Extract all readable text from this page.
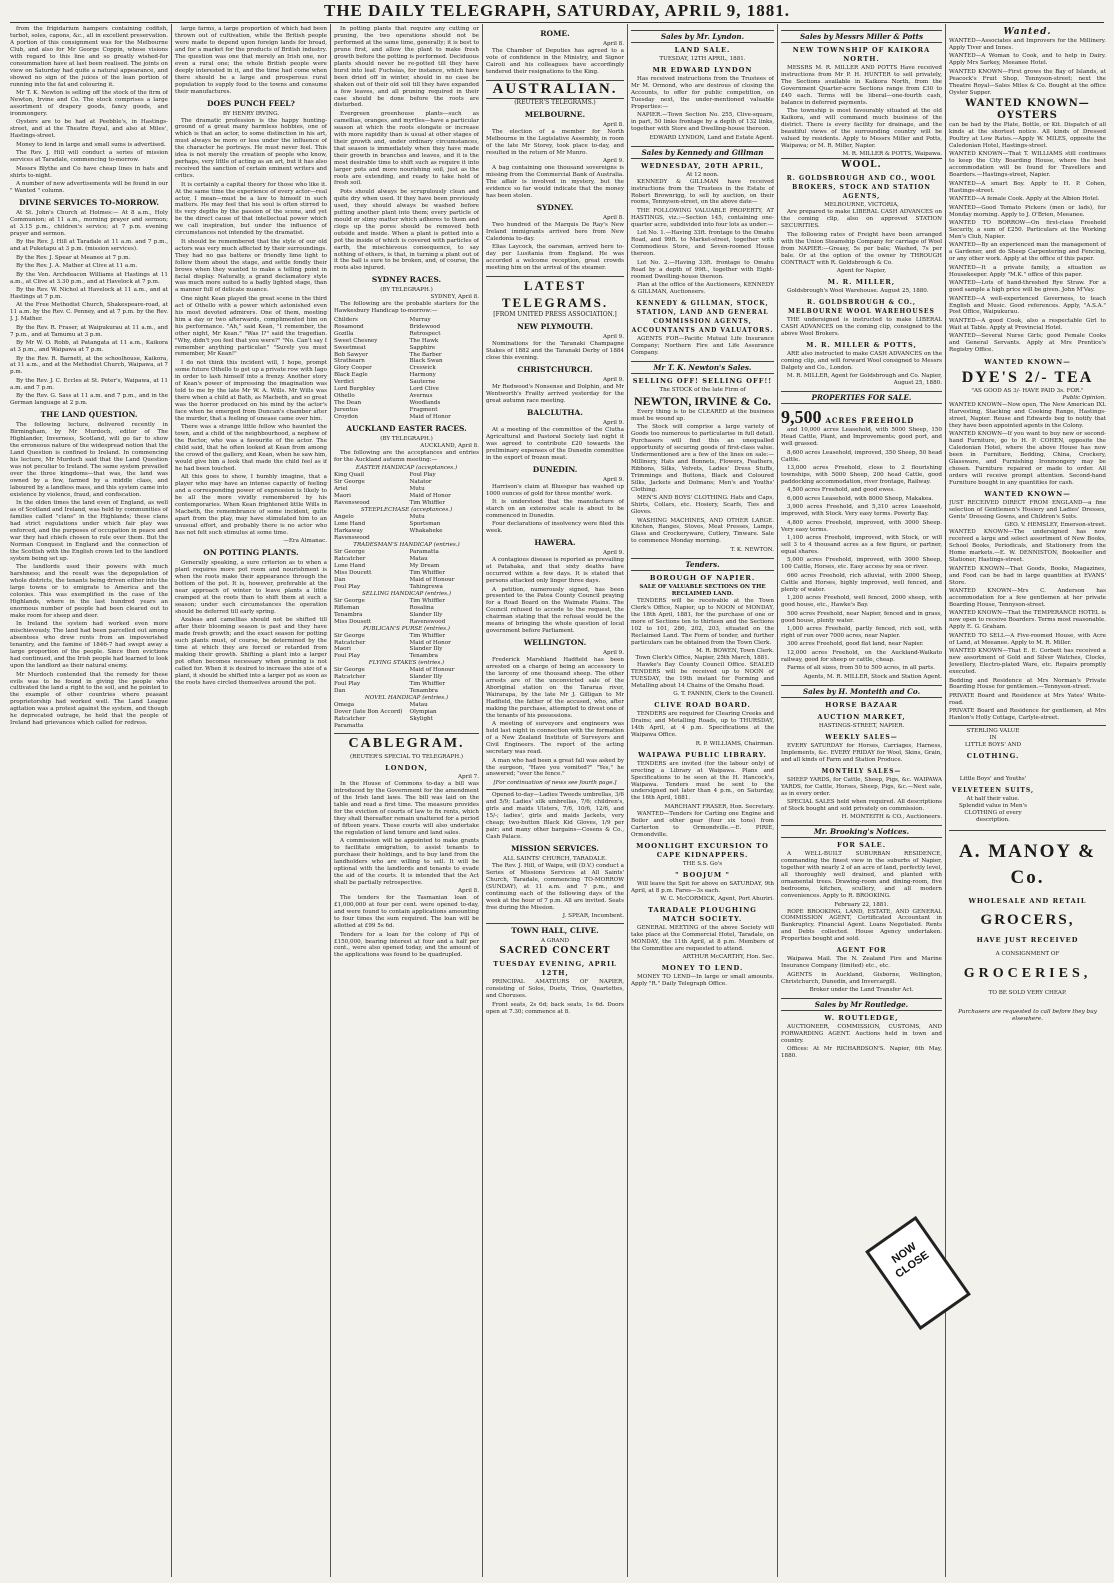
THE DAILY TELEGRAPH, SATURDAY, APRIL 9, 1881.

from the frigidarium hampers containing codfish, turbot, soles, capons, &c., all in excellent preservation. A portion of this consignment was for the Melbourne Club, and also for Mr George Coppin, whose visions with regard to this line and so greatly wished-for consummation have at last been realised. The joints on view on Saturday had quite a natural appearance, and showed no sign of the juices of the lean portion of running into the fat and colouring it.

Mr T. K. Newton is selling off the stock of the firm of Newton, Irvine and Co. The stock comprises a large assortment of drapery goods, fancy goods, and ironmongery.

Oysters are to be had at Peebble's, in Hastings-street, and at the Theatre Royal, and also at Miles', Hastings-street.

Money to lend in large and small sums is advertised.

The Rev. J. Hill will conduct a series of mission services at Taradale, commencing to-morrow.

Messrs Blythe and Co have cheap lines in hats and shirts to-night.

A number of new advertisements will be found in our " Wanted " column.

DIVINE SERVICES TO-MORROW.

At St. John's Church at Holmes:— At 8 a.m., Holy Communion; at 11 a.m., morning prayer and sermon; at 3.15 p.m., children's service; at 7 p.m. evening prayer and sermon.

By the Rev. J. Hill at Taradale at 11 a.m. and 7 p.m., and at Puketapu at 3 p.m. (mission services).

By the Rev. J. Spear at Meanee at 7 p.m.

By the Rev. J. A. Mather at Clive at 11 a.m.

By the Ven. Archdeacon Williams at Hastings at 11 a.m., at Clive at 3.30 p.m., and at Havelock at 7 p.m.

By the Rev. W. Nichol at Havelock at 11 a.m., and at Hastings at 7 p.m.

At the Free Methodist Church, Shakespeare-road, at 11 a.m. by the Rev. C. Penney, and at 7 p.m. by the Rev. J. J. Mather.

By the Rev. R. Fraser, at Waipukurau at 11 a.m., and 7 p.m., and at Tamumu at 3 p.m.

By Mr W. O. Robb, at Patangata at 11 a.m., Kaikora at 3 p.m., and Waipawa at 7 p.m.

By the Rev. R. Barnett, at the schoolhouse, Kaikora, at 11 a.m., and at the Methodist Church, Waipawa, at 7 p.m.

By the Rev. J. C. Eccles at St. Peter's, Waipawa, at 11 a.m. and 7 p.m.

By the Rev. G. Sass at 11 a.m. and 7 p.m., and in the German language at 2 p.m.

THE LAND QUESTION.

The following lecture, delivered recently in Birmingham, by Mr Murdoch, editor of The Highlander, Inverness, Scotland, will go far to show the erroneous nature of the widespread notion that the Land Question is confined to Ireland. In commencing his lecture, Mr Murdoch said that the Land Question was not peculiar to Ireland. The same system prevailed over the three kingdoms—that was, the land was owned by a few, farmed by a middle class, and laboured by a landless mass, and this system came into existence by violence, fraud, and confiscation.

In the olden times the land even of England, as well as of Scotland and Ireland, was held by communities of families called "clans" in the Highlands; these clans had strict regulations under which fair play was enforced, and the purposes of occupation in peace and war they had chiefs chosen to rule over them. But the Norman Conquest in England and the connection of the Scottish with the English crown led to the landlord system being set up.

The landlords used their powers with much harshness; and the result was the depopulation of whole districts, the tenants being driven either into the large towns or to emigrate to America and the colonies. This was exemplified in the case of the Highlands, where in the last hundred years an enormous number of people had been cleared out to make room for sheep and deer.

In Ireland the system had worked even more mischievously. The land had been parcelled out among absentees who drew rents from an impoverished tenantry, and the famine of 1846-7 had swept away a large proportion of the people. Since then evictions had continued, and the Irish people had learned to look upon the landlord as their natural enemy.

Mr Murdoch contended that the remedy for these evils was to be found in giving the people who cultivated the land a right to the soil, and he pointed to the example of other countries where peasant proprietorship had worked well. The Land League agitation was a protest against the system, and though he deprecated outrage, he held that the people of Ireland had grievances which called for redress.

large farms, a large proportion of which had been thrown out of cultivation, while the British people were made to depend upon foreign lands for bread, and for a market for the products of British industry. The question was one that merely an Irish one, nor even a rural one; the whole British people were deeply interested in it, and the time had come when there should be a large and prosperous rural population to supply food to the towns and consume their manufactures.

DOES PUNCH FEEL?
BY HENRY IRVING.

The dramatic profession is the happy hunting-ground of a great many harmless hobbies, one of which is that an actor, to some distinction in his art, must always be more or less under the influence of the character he portrays. He must never feel. This idea is not merely the creation of people who know, perhaps, very little of acting as an art, but it has also received the sanction of certain eminent writers and critics.

It is certainly a capital theory for those who like it. At the same time the experience of every actor—real actor, I mean—must be a law to himself in such matters. He may feel that his soul is often stirred to its very depths by the passion of the scene, and yet be the direct cause of that intellectual power which we call inspiration, but under the influence of circumstances not intended by the dramatist.

It should be remembered that the style of our old actors was very much affected by their surroundings. They had no gas battens or friendly lime light to follow them about the stage, and settle fondly their brows when they wanted to make a telling point in facial display. Naturally, a grand declamatory style was much more suited to a badly lighted stage, than a manner full of delicate nuance.

One night Kean played the great scene in the third act of Othello with a power which astonished even his most devoted admirers. One of them, meeting him a day or two afterwards, complimented him on his performance. "Ah," said Kean, "I remember, the other night, Mr Kean." "Was I?" said the tragedian. "Why, didn't you feel that you were?" "No. Can't say I remember anything particular." "Surely you must remember, Mr Kean!"

I do not think this incident will, I hope, prompt some future Othello to get up a private row with Iago in order to lash himself into a frenzy. Another story of Kean's power of impressing the imagination was told to me by the late Mr W. A. Wills. Mr Wills was there when a child at Bath, as Macbeth, and so great was the horror produced on his mind by the actor's face when he emerged from Duncan's chamber after the murder, that a feeling of unease came over him.

There was a strange little fellow who haunted the town, and a child of the neighbourhood, a nephew of the Rector, who was a favourite of the actor. The child said, that he often looked at Kean from among the crowd of the gallery, and Kean, when he saw him, would give him a look that made the child feel as if he had been touched.

All this goes to show, I humbly imagine, that a player who may have an intense capacity of feeling and a corresponding power of expression is likely to be all the more vividly remembered by his contemporaries. When Kean frightened little Wills in Macbeth, the remembrance of some incident, quite apart from the play, may have stimulated him to an unusual effort, and probably there is no actor who has not felt such stimulus at some time.

—Era Almanac.
ON POTTING PLANTS.

Generally speaking, a sure criterion as to when a plant requires more pot room and nourishment is when the roots make their appearance through the bottom of the pot. It is, however, preferable at the near approach of winter to leave plants a little cramped at the roots than to shift them at such a season; under such circumstances the operation should be deferred till early spring.

Azaleas and camellias should not be shifted till after their blooming season is past and they have made fresh growth; and the exact season for potting such plants must, of course, be determined by the time at which they are forced or retarded from making their growth. Shifting a plant into a larger pot often becomes necessary when pruning is not called for. When it is desired to increase the size of a plant, it should be shifted into a larger pot as soon as the roots have circled themselves around the pot.

In potting plants that require any cutting or pruning, the two operations should not be performed at the same time, generally; it is best to prune first, and allow the plant to make fresh growth before the potting is performed. Deciduous plants should never be re-potted till they have burst into leaf. Fuchsias, for instance, which have been dried off in winter, should in no case be shaken out of their old soil till they have expanded a few leaves, and all pruning required in their case should be done before the roots are disturbed.

Evergreen greenhouse plants—such as camellias, oranges, and myrtles—have a particular season at which the roots elongate or increase with more rapidity than is usual at other stages of their growth and, under ordinary circumstances, that season is immediately when they have made their growth in branches and leaves, and it is the most desirable time to shift such as require it into larger pots and more nourishing soil, just as the roots are extending, and ready to take hold of fresh soil.

Pots should always be scrupulously clean and quite dry when used. If they have been previously used, they should always be washed before putting another plant into them; every particle of mould or slimy matter which adheres to them and clogs up the pores should be removed both outside and inside. When a plant is potted into a pot the inside of which is covered with particles of earth, the mischievous consequence, to say nothing of others, is that, in turning a plant out of it the ball is sure to be broken, and, of course, the roots also injured.

SYDNEY RACES.
(BY TELEGRAPH.)
SYDNEY, April 8.

The following are the probable starters for the Hawkesbury Handicap to-morrow:—

Childers
Rosamond
Gozilla
Sweet Chesney
Sweetmeat
Bob Sawyer
Strathearn
Glory Cooper
Black Eagle
Verdict
Lord Burghley
Othello
The Dean
Jurentus
Croydon
Murray
Bridewood
Retrospect
The Hawk
Sapphire
The Barber
Black Swan
Creswick
Harmony
Sauterne
Lord Clive
Avernus
Woodlands
Fragment
Maid of Honor
AUCKLAND EASTER RACES.
(BY TELEGRAPH.)
AUCKLAND, April 8.

The following are the acceptances and entries for the Auckland autumn meeting:—

EASTER HANDICAP (acceptances.)
King Quail
Sir George
Ariel
Maori
Ravenswood
Foul Play
Natator
Mutu
Maid of Honor
Tim Whiffler
STEEPLECHASE (acceptances.)
Angelo
Lone Hand
Harkaway
Ravenswood
Mutu
Sportsman
Whakaheke
TRADESMAN'S HANDICAP (entries.)
Sir George
Ratcatcher
Lone Hand
Miss Doucett
Dan
Foul Play
Paramatta
Matau
My Dream
Tim Whiffler
Maid of Honour
Tahingrewa
SELLING HANDICAP (entries.)
Sir George
Rifleman
Tenambra
Miss Dousett
Tim Whiffler
Rosalina
Slander Illy
Ravenswood
PUBLICAN'S PURSE (entries.)
Sir George
Ratcatcher
Maori
Foul Play
Tim Whiffler
Maid of Honor
Slander Illy
Tenambra
FLYING STAKES (entries.)
Sir George
Ratcatcher
Foul Play
Dan
Maid of Honour
Slander Illy
Tim Whiffler
Tenambra
NOVEL HANDICAP (entries.)
Omega
Dover (late Bon Accord)
Ratcatcher
Paramatta
Matau
Olympian
Skylight
CABLEGRAM.
(REUTER'S SPECIAL TO TELEGRAPH.)
LONDON,
April 7.

In the House of Commons to-day a bill was introduced by the Government for the amendment of the Irish land laws. The bill was laid on the table and read a first time. The measure provides for the eviction of courts of law to fix rents, which they shall thereafter remain unaltered for a period of fifteen years. These courts will also undertake the regulation of land tenure and land sales.

A commission will be appointed to make grants to facilitate emigration, to assist tenants to purchase their holdings, and to buy land from the landholders who are willing to sell. It will be optional with the landlords and tenants to evade the aid of the courts. It is intended that the Act shall be partially retrospective.

April 8.

The tenders for the Tasmanian loan of £1,000,000 at four per cent. were opened to-day, and were found to contain applications amounting to four times the sum required. The loan will be allotted at £99 5s 6d.

Tenders for a loan for the colony of Fiji of £150,000, bearing interest at four and a half per cent., were also opened today, and the amount of the applications was found to be quadrupled.

ROME.
April 8.

The Chamber of Deputies has agreed to a vote of confidence in the Ministry, and Signor Cairoli and his colleagues have accordingly tendered their resignations to the King.

AUSTRALIAN.
(REUTER'S TELEGRAMS.)
MELBOURNE.
April 8.

The election of a member for North Melbourne in the Legislative Assembly, in room of the late Mr Storey, took place to-day, and resulted in the return of Mr Munro.

April 9.

A bag containing one thousand sovereigns is missing from the Commercial Bank of Australia. The affair is involved in mystery, but the evidence so far would indicate that the money has been stolen.

SYDNEY.
April 8.

Two hundred of the Marquis De Ray's New Ireland immigrants arrived here from New Caledonia to-day.

Elias Laycock, the oarsman, arrived here to-day per Lusitania from England. He was accorded a welcome reception, great crowds meeting him on the arrival of the steamer.

LATEST TELEGRAMS.
[FROM UNITED PRESS ASSOCIATION.]
NEW PLYMOUTH.
April 9.

Nominations for the Taranaki Champagne Stakes of 1882 and the Taranaki Derby of 1884 close this evening.

CHRISTCHURCH.
April 9.

Mr Redwood's Nonsense and Dolphin, and Mr Wentworth's Frailty arrived yesterday for the great autumn race meeting.

BALCLUTHA.
April 9.

At a meeting of the committee of the Clutha Agricultural and Pastoral Society last night it was agreed to contribute £20 towards the preliminary expenses of the Dunedin committee in the export of frozen meat.

DUNEDIN.
April 9.

Harrison's claim at Bluespur has washed up 1000 ounces of gold for three months' work.

It is understood that the manufacture of starch on an extensive scale is about to be commenced in Dunedin.

Four declarations of insolvency were filed this week.

HAWERA.
April 9.

A contagious disease is reported as prevailing at Patahaka, and that sixty deaths have occurred within a few days. It is stated that persons attacked only linger three days.

A petition, numerously signed, has been presented to the Patea County Council praying for a Road Board on the Waimate Plains. The Council refused to accede to the request, the chairman stating that the refusal would be the means of bringing the whole question of local government before Parliament.

WELLINGTON.
April 9.

Frederick Marshland Hadfield has been arrested on a charge of being an accessory to the larceny of one thousand sheep. The other arrests are of the unconvicted sale of the Aboriginal station on the Tararua river, Wairarapa, by the late Mr J. Gilligan to Mr Hadfield, the father of the accused, who, after making the purchase, attempted to divest one of the tenants of his possessions.

A meeting of surveyors and engineers was held last night in connection with the formation of a New Zealand Institute of Surveyors and Civil Engineers. The report of the acting secretary was read.

A man who had been a great fall was asked by the surgeon, "Have you vomited?" "Yes," he answered; "over the fence."

[For continuation of news see fourth page.]

Opened to-day—Ladies Tweeds umbrellas, 3/6 and 5/9; Ladies' silk umbrellas, 7/6; children's, girls and maids Ulsters, 7/6, 10/6, 12/6, and 15/-; ladies', girls and maids Jackets, very cheap; two-button Black Kid Gloves, 1/9 per pair; and many other bargains—Cosens & Co., Cash Palace.

MISSION SERVICES.
ALL SAINTS' CHURCH, TARADALE.

The Rev. J. Hill, of Waipu, will (D.V.) conduct a Series of Missions Services at All Saints' Church, Taradale, commencing TO-MORROW (SUNDAY), at 11 a.m. and 7 p.m., and continuing each of the following days of the week at the hour of 7 p.m. All are invited. Seats free during the Mission.

J. SPEAR, Incumbent.
TOWN HALL, CLIVE.
A GRAND
SACRED CONCERT
TUESDAY EVENING, APRIL 12TH,

PRINCIPAL AMATEURS OF NAPIER, consisting of Solos, Duets, Trios, Quartettes, and Choruses.

Front seats, 2s 6d; back seats, 1s 6d. Doors open at 7.30; commence at 8.

Sales by Mr. Lyndon.
LAND SALE.
TUESDAY, 12TH APRIL, 1881.
MR EDWARD LYNDON

Has received instructions from the Trustees of Mr M. Ormond, who are desirous of closing the Accounts, to offer for public competition, on Tuesday next, the under-mentioned valuable Properties:—

NAPIER.—Town Section No. 255, Clive-square, in part, 50 links frontage by a depth of 132 links, together with Store and Dwelling-house thereon.

EDWARD LYNDON, Land and Estate Agent.
Sales by Kennedy and Gillman
WEDNESDAY, 20TH APRIL,
At 12 noon.

KENNEDY & GILLMAN have received instructions from the Trustees in the Estate of Robert Brownrigg, to sell by auction, on their rooms, Tennyson-street, on the above date—

THE FOLLOWING VALUABLE PROPERTY, AT HASTINGS, viz.:—Section 145, containing one-quarter acre, subdivided into four lots as under:—

Lot No. 1.—Having 33ft. frontage to the Omahu Road, and 99ft. to Market-street, together with Commodious Store, and Seven-roomed House thereon.

Lot No. 2.—Having 33ft. frontage to Omahu Road by a depth of 99ft., together with Eight-roomed Dwelling-house thereon.

Plan at the office of the Auctioneers, KENNEDY & GILLMAN, Auctioneers.

KENNEDY & GILLMAN, STOCK, STATION, LAND AND GENERAL COMMISSION AGENTS, ACCOUNTANTS AND VALUATORS.

AGENTS FOR—Pacific Mutual Life Insurance Company; Northern Fire and Life Assurance Company.

Mr T. K. Newton's Sales.
SELLING OFF! SELLING OFF!!
The STOCK of the late Firm of
NEWTON, IRVINE & Co.

Every thing is to be CLEARED at the business must be wound up.

The Stock will comprise a large variety of Goods too numerous to particularise in full detail. Purchasers will find this an unequalled opportunity of securing goods of first-class value. Undermentioned are a few of the lines on sale:— Millinery, Hats and Bonnets, Flowers, Feathers, Ribbons, Silks, Velvets, Ladies' Dress Stuffs, Trimmings and Buttons, Black and Coloured Silks, Jackets and Dolmans; Men's and Youths' Clothing.

MEN'S AND BOYS' CLOTHING. Hats and Caps, Shirts, Collars, etc. Hosiery, Scarfs, Ties and Gloves.

WASHING MACHINES, AND OTHER LARGE. Kitchen, Ranges, Stoves, Meat Presses, Lamps, Glass and Crockeryware, Cutlery, Tinware. Sale to commence Monday morning.

T. K. NEWTON.
Tenders.
BOROUGH OF NAPIER.
SALE OF VALUABLE SECTIONS ON THE RECLAIMED LAND.

TENDERS will be receivable at the Town Clerk's Office, Napier, up to NOON of MONDAY, the 18th April, 1881, for the purchase of one or more of Sections ten to thirteen and the Sections 102 to 101, 286, 202, 203, situated on the Reclaimed Land. The Form of tender, and further particulars can be obtained from the Town Clerk.

M. R. BOWEN, Town Clerk.
Town Clerk's Office, Napier, 25th March, 1881.

Hawke's Bay County Council Office. SEALED TENDERS will be received up to NOON of TUESDAY, the 19th instant for Forming and Metalling about 14 Chains of the Omahu Road.

G. T. FANNIN, Clerk to the Council.
CLIVE ROAD BOARD.

TENDERS are required for Clearing Creeks and Drains; and Metalling Roads, up to THURSDAY, 14th April, at 4 p.m. Specifications at the Waipawa Office.

R. P. WILLIAMS, Chairman.
WAIPAWA PUBLIC LIBRARY.

TENDERS are invited (for the labour only) of erecting a Library at Waipawa. Plans and Specifications to be seen at the H. Hancock's, Waipawa. Tenders must be sent to the undersigned not later than 4 p.m., on Saturday, the 16th April, 1881.

MARCHANT FRASER, Hon. Secretary.

WANTED—Tenders for Carting one Engine and Boiler and other gear (four six tons) from Carterton to Ormondville.—E. PIRIE, Ormondville.

MOONLIGHT EXCURSION TO CAPE KIDNAPPERS.
THE S.S. Go's
" BOOJUM "

Will leave the Spit for above on SATURDAY, 9th April, at 8 p.m. Fares—3s each.

W. C. McCORMICK, Agent, Port Ahuriri.
TARADALE PLOUGHING MATCH SOCIETY.

GENERAL MEETING of the above Society will take place at the Commercial Hotel, Taradale, on MONDAY, the 11th April, at 8 p.m. Members of the Committee are requested to attend.

ARTHUR McCARTHY, Hon. Sec.
MONEY TO LEND.

MONEY TO LEND—In large or small amounts. Apply "R." Daily Telegraph Office.

Sales by Messrs Miller & Potts
NEW TOWNSHIP OF KAIKORA NORTH.

MESSRS M. R. MILLER AND POTTS Have received instructions from Mr P. H. HUNTER to sell privately, The Sections available in Kaikora North, from the Government Quarter-acre Sections range from £30 to £40 each. Terms will be liberal—one-fourth cash, balance in deferred payments.

The township is most favourably situated at the old Kaikora, and will command much business of the district. There is every facility for drainage, and the beautiful views of the surrounding country will be valued by residents. Apply to Messrs Miller and Potts, Waipawa; or M. R. Miller, Napier.

M. R. MILLER & POTTS, Waipawa.
WOOL.
R. GOLDSBROUGH AND CO., WOOL BROKERS, STOCK AND STATION AGENTS,
MELBOURNE, VICTORIA,

Are prepared to make LIBERAL CASH ADVANCES on the coming clip, also on approved STATION SECURITIES.

The following rates of Freight have been arranged with the Union Steamship Company for carriage of Wool from NAPIER:—Greasy, 5s per bale; Washed, 7s per bale. Or at the option of the owner by THROUGH CONTRACT with R. Goldsbrough & Co.

Agent for Napier,
M. R. MILLER,

Goldsbrough's Wool Warehouse. August 25, 1880.

R. GOLDSBROUGH & CO., MELBOURNE WOOL WAREHOUSES

THE undersigned is instructed to make LIBERAL CASH ADVANCES on the coming clip, consigned to the above Wool Brokers.

M. R. MILLER & POTTS,

ARE also instructed to make CASH ADVANCES on the coming clip, and will forward Wool consigned to Messrs Dalgety and Co., London.

M. R. MILLER, Agent for Goldsbrough and Co. Napier, August 25, 1880.
PROPERTIES FOR SALE.
9,500 ACRES FREEHOLD

and 10,000 acres Leasehold, with 5000 Sheep, 150 Head Cattle, Plant, and Improvements; good port, and well grassed.

8,600 acres Leasehold, improved, 350 Sheep, 50 head Cattle.

13,000 acres Freehold, close to 2 flourishing townships, with 5000 Sheep, 200 head Cattle, good paddocking accommodation, river frontage, Railway.

4,500 acres Freehold, and good ewes.

6,000 acres Leasehold, with 8000 Sheep, Makakea.

3,900 acres Freehold, and 5,310 acres Leasehold, improved, with Stock. Very easy terms. Poverty Bay.

4,800 acres Freehold, improved, with 3000 Sheep. Very easy terms.

1,100 acres Freehold, improved, with Stock, or will sell 3 to 4 thousand acres as a few figure, or partner, equal shares.

5,000 acres Freehold, improved, with 3000 Sheep, 100 Cattle, Horses, etc. Easy access by sea or river.

660 acres Freehold, rich alluvial, with 2000 Sheep, Cattle and Horses, highly improved, well fenced, and plenty of water.

1,200 acres Freehold, well fenced, 2000 sheep, with good house, etc., Hawke's Bay.

500 acres Freehold, near Napier, fenced and in grass, good house, plenty water.

1,000 acres Freehold, partly fenced, rich soil, with right of run over 7000 acres, near Napier.

300 acres Freehold, good flat land, near Napier.

12,000 acres Freehold, on the Auckland-Waikato railway, good for sheep or cattle, cheap.

Farms of all sizes, from 50 to 500 acres, in all parts.

Agents, M. R. MILLER, Stock and Station Agent.
Sales by H. Monteith and Co.
HORSE BAZAAR
AUCTION MARKET,
HASTINGS-STREET, NAPIER.
WEEKLY SALES—

EVERY SATURDAY for Horses, Carriages, Harness, Implements, &c. EVERY FRIDAY for Wool, Skins, Grain, and all kinds of Farm and Station Produce.

MONTHLY SALES—

SHEEP YARDS, for Cattle, Sheep, Pigs, &c. WAIPAWA YARDS, for Cattle, Horses, Sheep, Pigs, &c.—Next sale, as in every order.

SPECIAL SALES held when required. All descriptions of Stock bought and sold privately on commission.

H. MONTEITH & CO., Auctioneers.
Mr. Brooking's Notices.
FOR SALE.

A WELL-BUILT SUBURBAN RESIDENCE, commanding the finest view in the suburbs of Napier, together with nearly 2 of an acre of land, perfectly level, all thoroughly well drained, and planted with ornamental trees. Drawing-room and dining-room, five bedrooms, kitchen, scullery, and all modern conveniences. Apply to R. BROOKING.

February 22, 1881.

ROPE BROOKING, LAND, ESTATE, AND GENERAL COMMISSION AGENT, Certificated Accountant in Bankruptcy. Financial Agent. Loans Negotiated. Rents and Debts collected. House Agency undertaken. Properties bought and sold.

AGENT FOR

Waipawa Mail. The N. Zealand Fire and Marine Insurance Company (limited) etc., etc.

AGENTS in Auckland, Gisborne, Wellington, Christchurch, Dunedin, and Invercargill.

Broker under the Land Transfer Act.
Sales by Mr Routledge.
W. ROUTLEDGE,

AUCTIONEER, COMMISSION, CUSTOMS, AND FORWARDING AGENT. Auctions held in town and country.

Offices: At Mr RICHARDSON'S. Napier, 6th May, 1880.

Wanted.

WANTED—Associates and Improvers for the Millinery. Apply Tiver and Innes.

WANTED—A Woman to Cook, and to help in Dairy. Apply Mrs Sarkey, Meeanee Hotel.

WANTED KNOWN—First grows the Bay of Islands, at Peacock's Fruit Shop, Tennyson-street; next the Theatre Royal—Sales Miles & Co. Bought at the office Oyster Supper.

WANTED KNOWN—OYSTERS

can be had by the Plate, Bottle, or Kit. Dispatch of all kinds at the shortest notice. All kinds of Dressed Poultry at Low Rates.—Apply W. MILES, opposite the Caledonian Hotel, Hastings-street.

WANTED KNOWN—That T. WILLIAMS still continues to keep the City Boarding House, where the best accommodation will be found for Travellers and Boarders.—Hastings-street, Napier.

WANTED—A smart Boy. Apply to H. P. Cohen, Hastings-street.

WANTED—A female Cook. Apply at the Albion Hotel.

WANTED—Good Tomato Pickers (men or lads), for Monday morning. Apply to J. O'Brien, Meeanee.

WANTED TO BORROW—On first-class Freehold Security, a sum of £250. Particulars at the Working Men's Club, Napier.

WANTED—By an experienced man the management of a Gardener, and do Sheep Carpentering and Fencing, or any other work. Apply at the office of this paper.

WANTED—It a private family, a situation as Housekeeper. Apply "M.K." office of this paper.

WANTED—Lots of hand-threshed Rye Straw. For a good sample a high price will be given. John M'Vay.

WANTED—A well-experienced Governess, to teach English and Music. Good references. Apply, "A.S.A." Post Office, Waipukurau.

WANTED—A good Cook, also a respectable Girl to Wait at Table. Apply at Provincial Hotel.

WANTED—Several Nurse Girls; good Female Cooks and General Servants. Apply at Mrs Prentice's Registry Office.

WANTED KNOWN—
DYE'S 2/- TEA
"AS GOOD AS 3/- HAVE PAID 3s. FOR."
Public Opinion.

WANTED KNOWN—Now open, The New American IXL Harvesting, Stacking and Cooking Range, Hastings-street, Napier. Reuse and Edwards beg to notify that they have been appointed agents in the Colony.

WANTED KNOWN—If you want to buy new or second-hand Furniture, go to H. P. COHEN, opposite the Caledonian Hotel, where the above House has now been in Furniture, Bedding, China, Crockery, Glassware, and Furnishing Ironmongery may be chosen. Furniture repaired or made to order. All orders will receive prompt attention. Second-hand Furniture bought in any quantities for cash.

WANTED KNOWN—

JUST RECEIVED DIRECT FROM ENGLAND—a fine selection of Gentlemen's Hosiery and Ladies' Dresses, Gents' Dressing Gowns, and Children's Suits.

GEO. V. HEMSLEY, Emerson-street.

WANTED KNOWN—The undersigned has now received a large and select assortment of New Books, School Books, Periodicals, and Stationery from the Home markets.—E. W. DENNISTON, Bookseller and Stationer, Hastings-street.

WANTED KNOWN—That Goods, Books, Magazines, and Food can be had in large quantities at EVANS' Store.

WANTED KNOWN—Mrs C. Anderson has accommodation for a few gentlemen at her private Boarding House, Tennyson-street.

WANTED KNOWN—That the TEMPERANCE HOTEL is now open to receive Boarders. Terms most reasonable. Apply E. G. Graham.

WANTED TO SELL—A Five-roomed House, with Acre of Land, at Meeanee. Apply to M. R. Miller.

WANTED KNOWN—That E. E. Corbett has received a new assortment of Gold and Silver Watches, Clocks, Jewellery, Electro-plated Ware, etc. Repairs promptly executed.

Bedding and Residence at Mrs Norman's Private Boarding House for gentlemen.—Tennyson-street.

PRIVATE Board and Residence at Mrs Yates' White-road.

PRIVATE Board and Residence for gentlemen, at Mrs Hanlon's Holly Cottage, Carlyle-street.

STERLING VALUE
IN
LITTLE BOYS' AND
CLOTHING.
Little Boys' and Youths'
VELVETEEN SUITS,
At half their value.
Splendid value in Men's CLOTHING of every description.
A. MANOY & Co.
WHOLESALE AND RETAIL
GROCERS,
HAVE JUST RECEIVED
A CONSIGNMENT OF
GROCERIES,
TO BE SOLD VERY CHEAP.
Purchasers are requested to call before they buy elsewhere.
NOW CLOSE
